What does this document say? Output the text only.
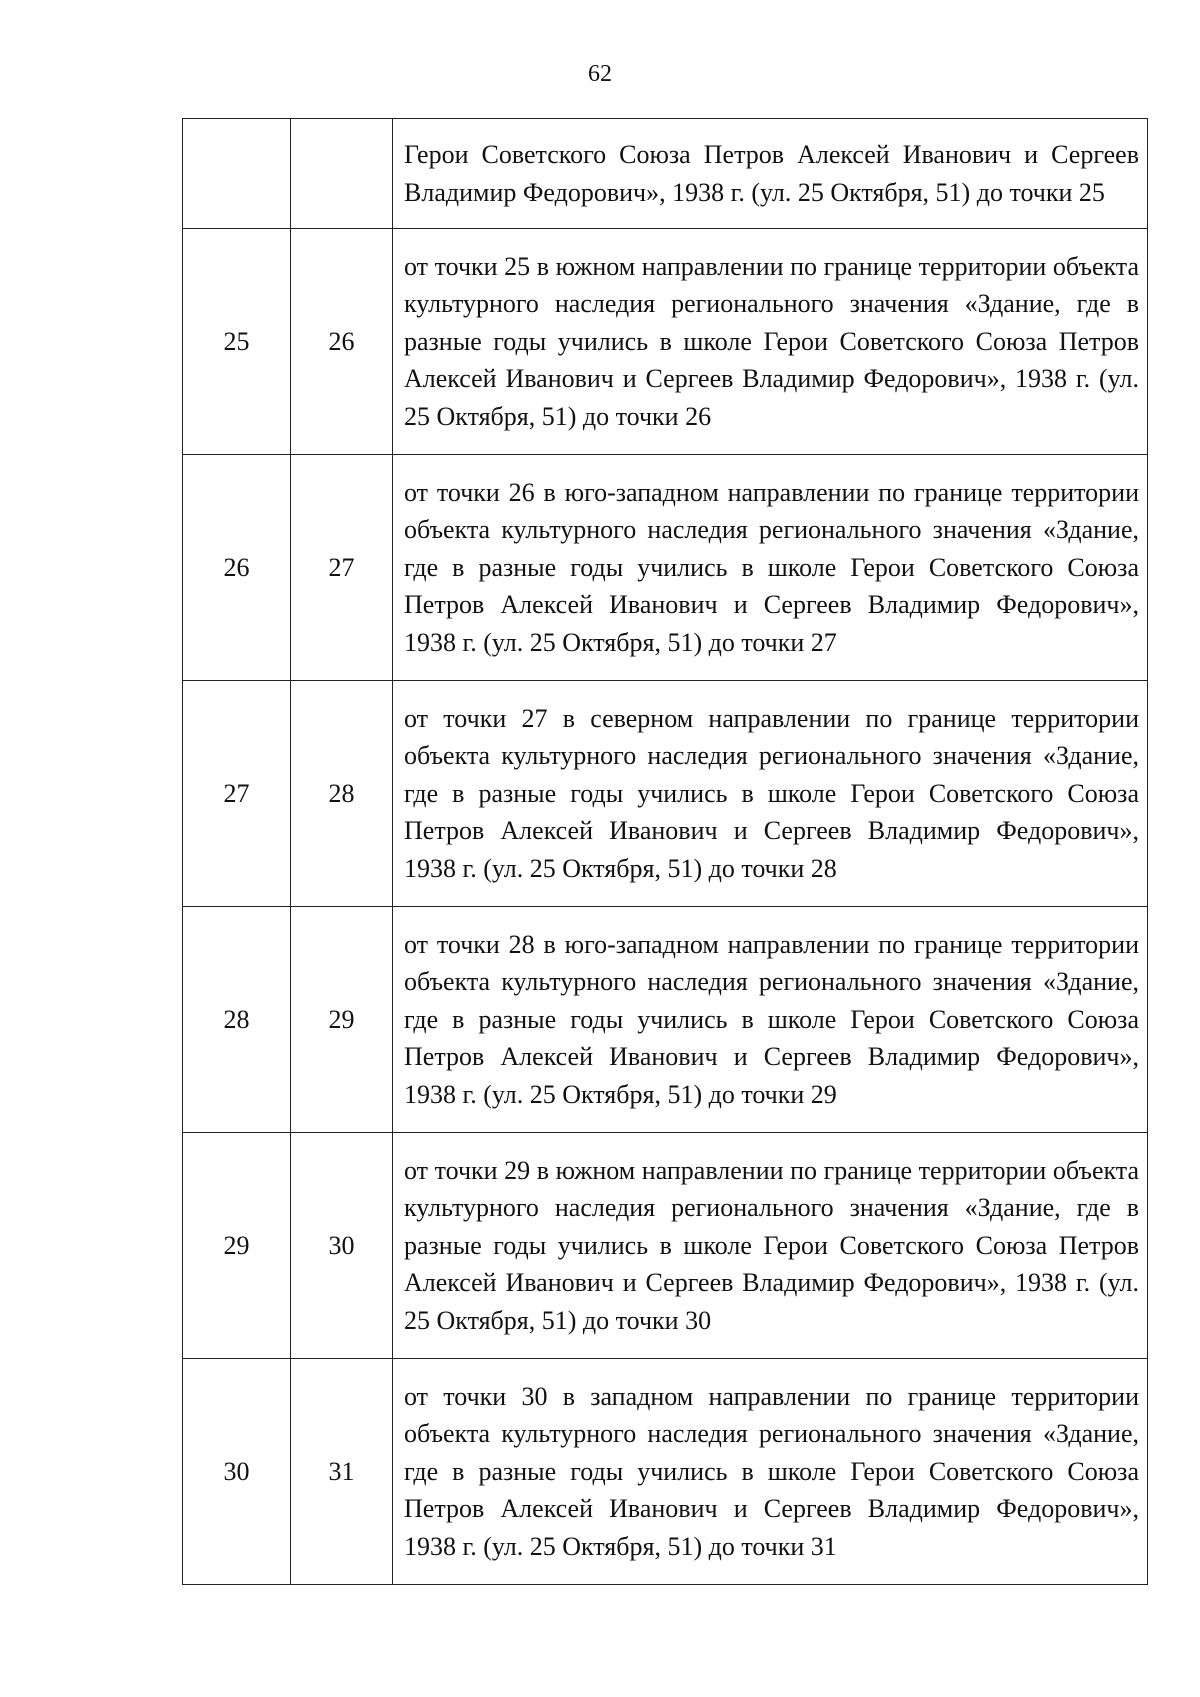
62
		Герои Советского Союза Петров Алексей Иванович и Сергеев Владимир Федорович», 1938 г. (ул. 25 Октября, 51) до точки 25
25	26	от точки 25 в южном направлении по границе территории объекта культурного наследия регионального значения «Здание, где в разные годы учились в школе Герои Советского Союза Петров Алексей Иванович и Сергеев Владимир Федорович», 1938 г. (ул. 25 Октября, 51) до точки 26
26	27	от точки 26 в юго-западном направлении по границе территории объекта культурного наследия регионального значения «Здание, где в разные годы учились в школе Герои Советского Союза Петров Алексей Иванович и Сергеев Владимир Федорович», 1938 г. (ул. 25 Октября, 51) до точки 27
27	28	от точки 27 в северном направлении по границе территории объекта культурного наследия регионального значения «Здание, где в разные годы учились в школе Герои Советского Союза Петров Алексей Иванович и Сергеев Владимир Федорович», 1938 г. (ул. 25 Октября, 51) до точки 28
28	29	от точки 28 в юго-западном направлении по границе территории объекта культурного наследия регионального значения «Здание, где в разные годы учились в школе Герои Советского Союза Петров Алексей Иванович и Сергеев Владимир Федорович», 1938 г. (ул. 25 Октября, 51) до точки 29
29	30	от точки 29 в южном направлении по границе территории объекта культурного наследия регионального значения «Здание, где в разные годы учились в школе Герои Советского Союза Петров Алексей Иванович и Сергеев Владимир Федорович», 1938 г. (ул. 25 Октября, 51) до точки 30
30	31	от точки 30 в западном направлении по границе территории объекта культурного наследия регионального значения «Здание, где в разные годы учились в школе Герои Советского Союза Петров Алексей Иванович и Сергеев Владимир Федорович», 1938 г. (ул. 25 Октября, 51) до точки 31
